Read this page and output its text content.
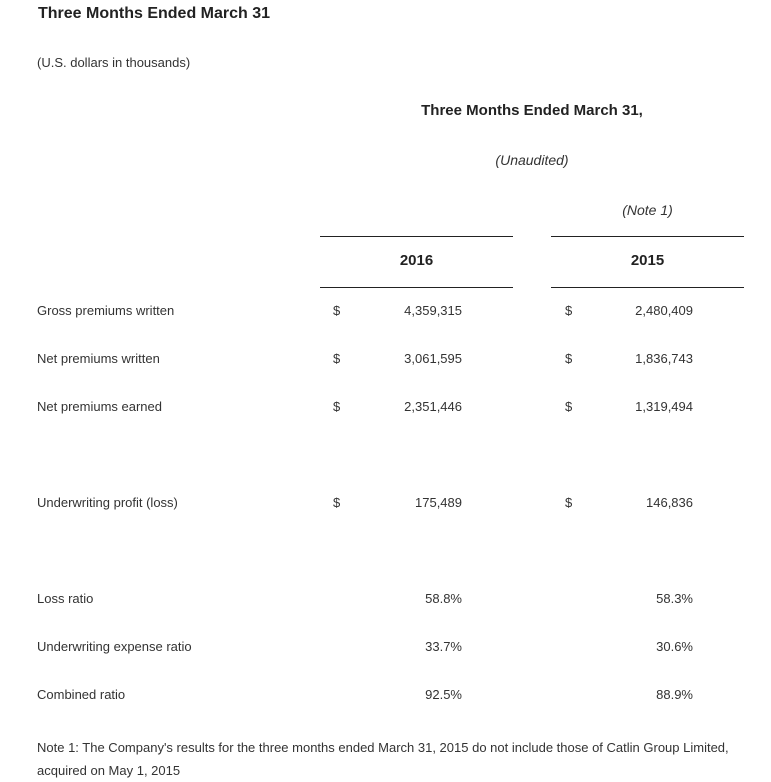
Three Months Ended March 31
(U.S. dollars in thousands)
Three Months Ended March 31,
(Unaudited)
(Note 1)
2016	2015
Gross premiums written	$	4,359,315	$	2,480,409
Net premiums written	$	3,061,595	$	1,836,743
Net premiums earned	$	2,351,446	$	1,319,494
Underwriting profit (loss)	$	175,489	$	146,836
Loss ratio	58.8%	58.3%
Underwriting expense ratio	33.7%	30.6%
Combined ratio	92.5%	88.9%
Note 1: The Company's results for the three months ended March 31, 2015 do not include those of Catlin Group Limited, acquired on May 1, 2015
